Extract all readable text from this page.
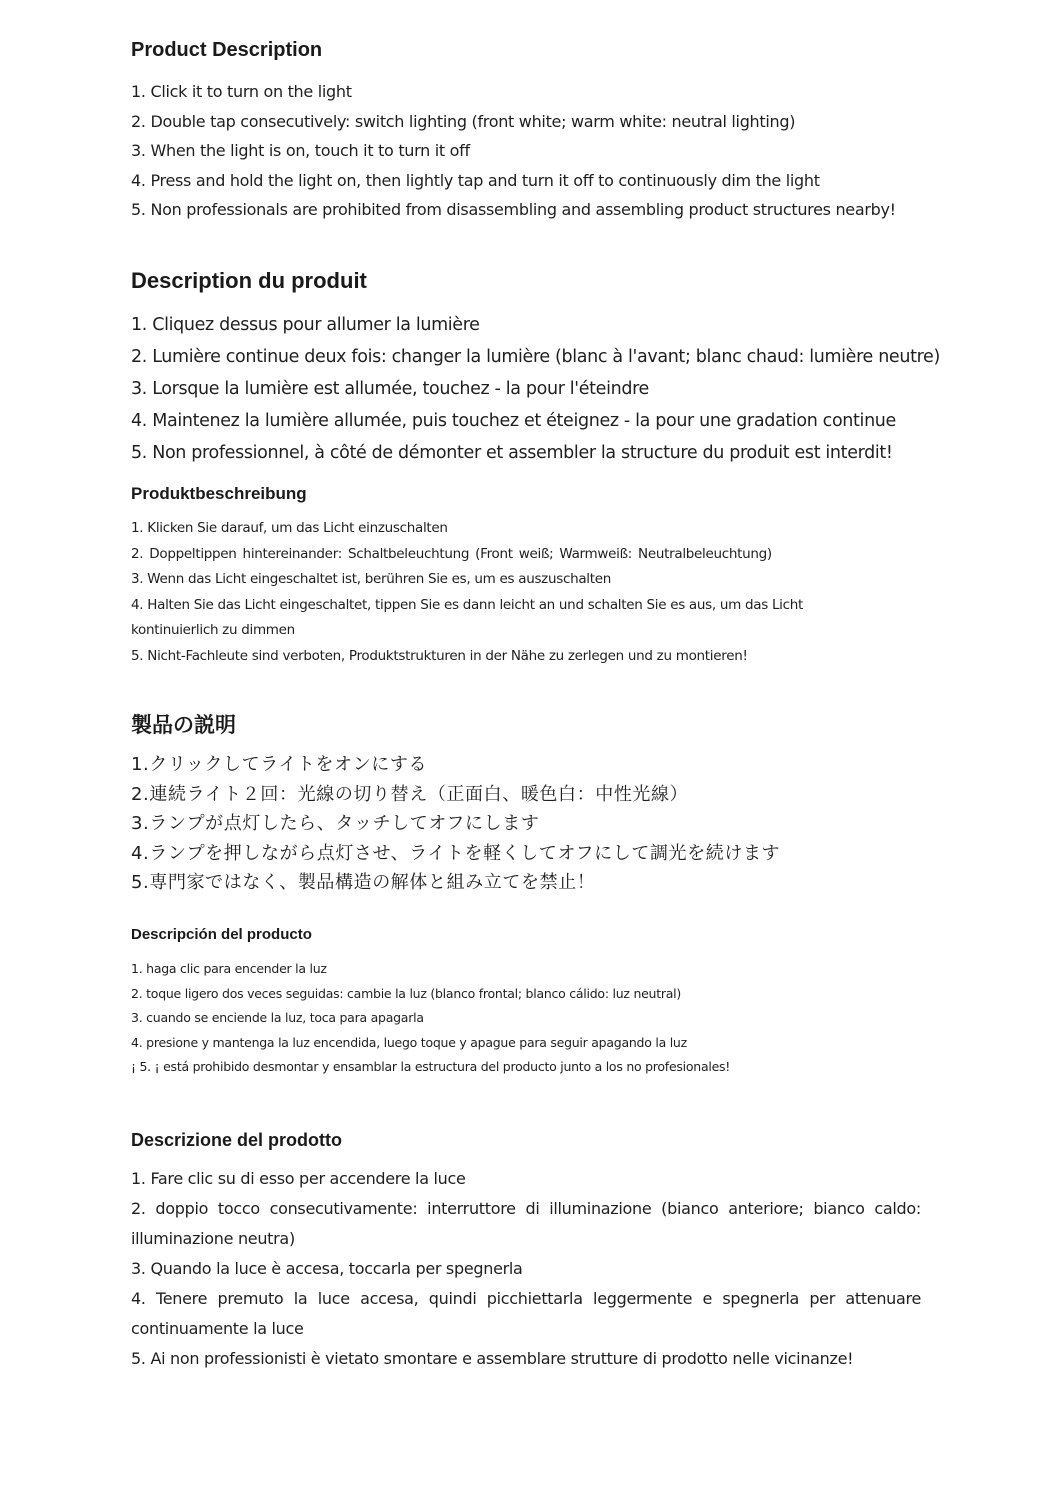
Product Description
1. Click it to turn on the light
2. Double tap consecutively: switch lighting (front white; warm white: neutral lighting)
3. When the light is on, touch it to turn it off
4. Press and hold the light on, then lightly tap and turn it off to continuously dim the light
5. Non professionals are prohibited from disassembling and assembling product structures nearby!
Description du produit
1. Cliquez dessus pour allumer la lumière
2. Lumière continue deux fois: changer la lumière (blanc à l'avant; blanc chaud: lumière neutre)
3. Lorsque la lumière est allumée, touchez - la pour l'éteindre
4. Maintenez la lumière allumée, puis touchez et éteignez - la pour une gradation continue
5. Non professionnel, à côté de démonter et assembler la structure du produit est interdit!
Produktbeschreibung
1. Klicken Sie darauf, um das Licht einzuschalten
2. Doppeltippen hintereinander: Schaltbeleuchtung (Front weiß; Warmweiß: Neutralbeleuchtung)
3. Wenn das Licht eingeschaltet ist, berühren Sie es, um es auszuschalten
4. Halten Sie das Licht eingeschaltet, tippen Sie es dann leicht an und schalten Sie es aus, um das Licht kontinuierlich zu dimmen
5. Nicht-Fachleute sind verboten, Produktstrukturen in der Nähe zu zerlegen und zu montieren!
製品の説明
1.クリックしてライトをオンにする
2.連続ライト２回：光線の切り替え（正面白、暖色白：中性光線）
3.ランプが点灯したら、タッチしてオフにします
4.ランプを押しながら点灯させ、ライトを軽くしてオフにして調光を続けます
5.専門家ではなく、製品構造の解体と組み立てを禁止！
Descripción del producto
1. haga clic para encender la luz
2. toque ligero dos veces seguidas: cambie la luz (blanco frontal; blanco cálido: luz neutral)
3. cuando se enciende la luz, toca para apagarla
4. presione y mantenga la luz encendida, luego toque y apague para seguir apagando la luz
¡ 5. ¡ está prohibido desmontar y ensamblar la estructura del producto junto a los no profesionales!
Descrizione del prodotto
1. Fare clic su di esso per accendere la luce
2. doppio tocco consecutivamente: interruttore di illuminazione (bianco anteriore; bianco caldo: illuminazione neutra)
3. Quando la luce è accesa, toccarla per spegnerla
4. Tenere premuto la luce accesa, quindi picchiettarla leggermente e spegnerla per attenuare continuamente la luce
5. Ai non professionisti è vietato smontare e assemblare strutture di prodotto nelle vicinanze!
